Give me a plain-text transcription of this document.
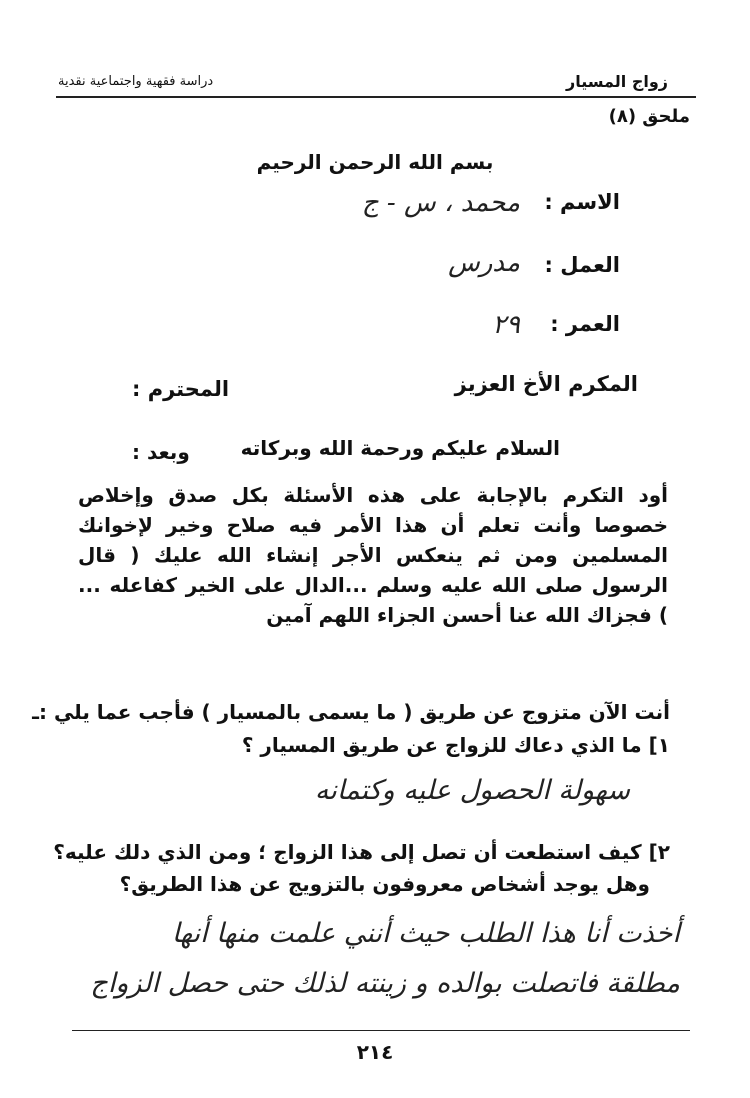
زواج المسيار
دراسة فقهية واجتماعية نقدية
ملحق (٨)
بسم الله الرحمن الرحيم
الاسم :
محمد ، س - ج
العمل :
مدرس
العمر :
٢٩
المكرم الأخ العزيز
المحترم :
السلام عليكم ورحمة الله وبركاته
وبعد :
أود التكرم بالإجابة على هذه الأسئلة بكل صدق وإخلاص خصوصا وأنت تعلم أن هذا الأمر فيه صلاح وخير لإخوانك المسلمين ومن ثم ينعكس الأجر إنشاء الله عليك ( قال الرسول صلى الله عليه وسلم ...الدال على الخير كفاعله ... ) فجزاك الله عنا أحسن الجزاء اللهم آمين
أنت الآن متزوج عن طريق ( ما يسمى بالمسيار ) فأجب عما يلي :ـ
١] ما الذي دعاك للزواج عن طريق المسيار ؟
سهولة الحصول عليه وكتمانه
٢] كيف استطعت أن تصل إلى هذا الزواج ؛ ومن الذي دلك عليه؟
وهل يوجد أشخاص معروفون بالتزويج عن هذا الطريق؟
أخذت أنا هذا الطلب حيث أنني علمت منها أنها
مطلقة فاتصلت بوالده و زينته لذلك حتى حصل الزواج
٢١٤
